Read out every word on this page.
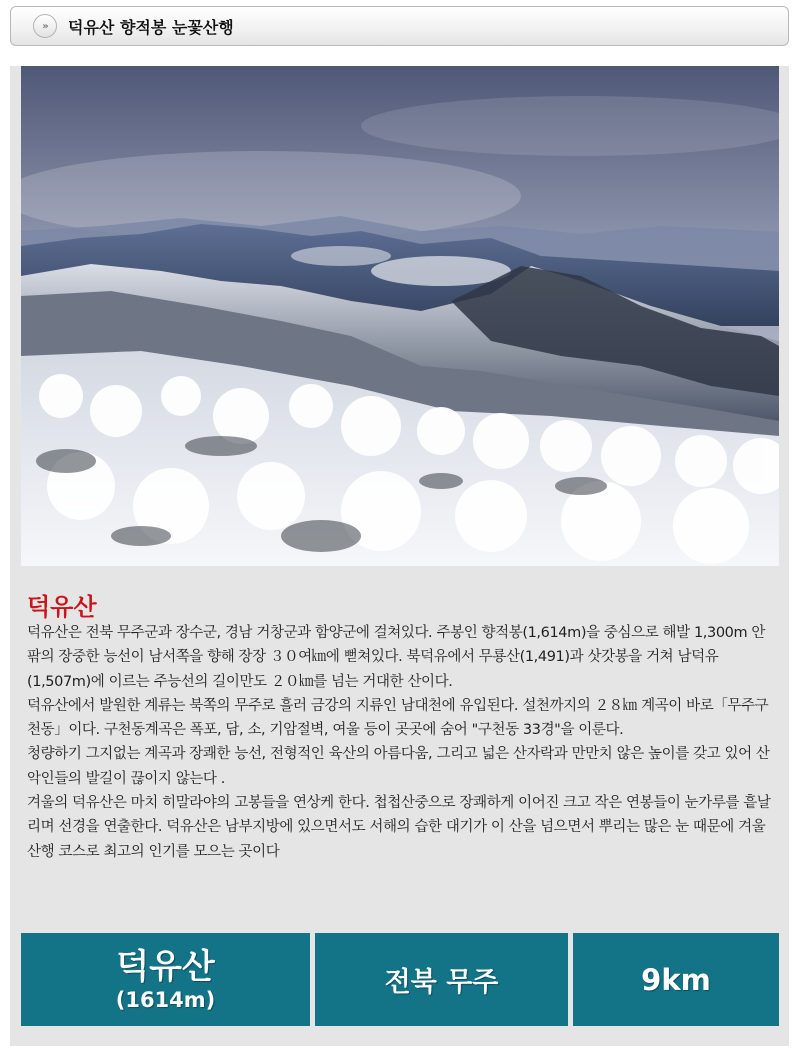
»	덕유산 향적봉 눈꽃산행
덕유산

덕유산은 전북 무주군과 장수군, 경남 거창군과 함양군에 걸쳐있다. 주봉인 향적봉(1,614m)을 중심으로 해발 1,300m 안팎의 장중한 능선이 남서쪽을 향해 장장 ３０여㎞에 뻗쳐있다. 북덕유에서 무룡산(1,491)과 삿갓봉을 거쳐 남덕유(1,507m)에 이르는 주능선의 길이만도 ２０㎞를 넘는 거대한 산이다.

덕유산에서 발원한 계류는 북쪽의 무주로 흘러 금강의 지류인 남대천에 유입된다. 설천까지의 ２８㎞ 계곡이 바로「무주구천동」이다. 구천동계곡은 폭포, 담, 소, 기암절벽, 여울 등이 곳곳에 숨어 "구천동 33경"을 이룬다.

청량하기 그지없는 계곡과 장쾌한 능선, 전형적인 육산의 아름다움, 그리고 넓은 산자락과 만만치 않은 높이를 갖고 있어 산악인들의 발길이 끊이지 않는다 .

겨울의 덕유산은 마치 히말라야의 고봉들을 연상케 한다. 첩첩산중으로 장쾌하게 이어진 크고 작은 연봉들이 눈가루를 흩날리며 선경을 연출한다. 덕유산은 남부지방에 있으면서도 서해의 습한 대기가 이 산을 넘으면서 뿌리는 많은 눈 때문에 겨울산행 코스로 최고의 인기를 모으는 곳이다

덕유산
(1614m)
전북 무주	9km
